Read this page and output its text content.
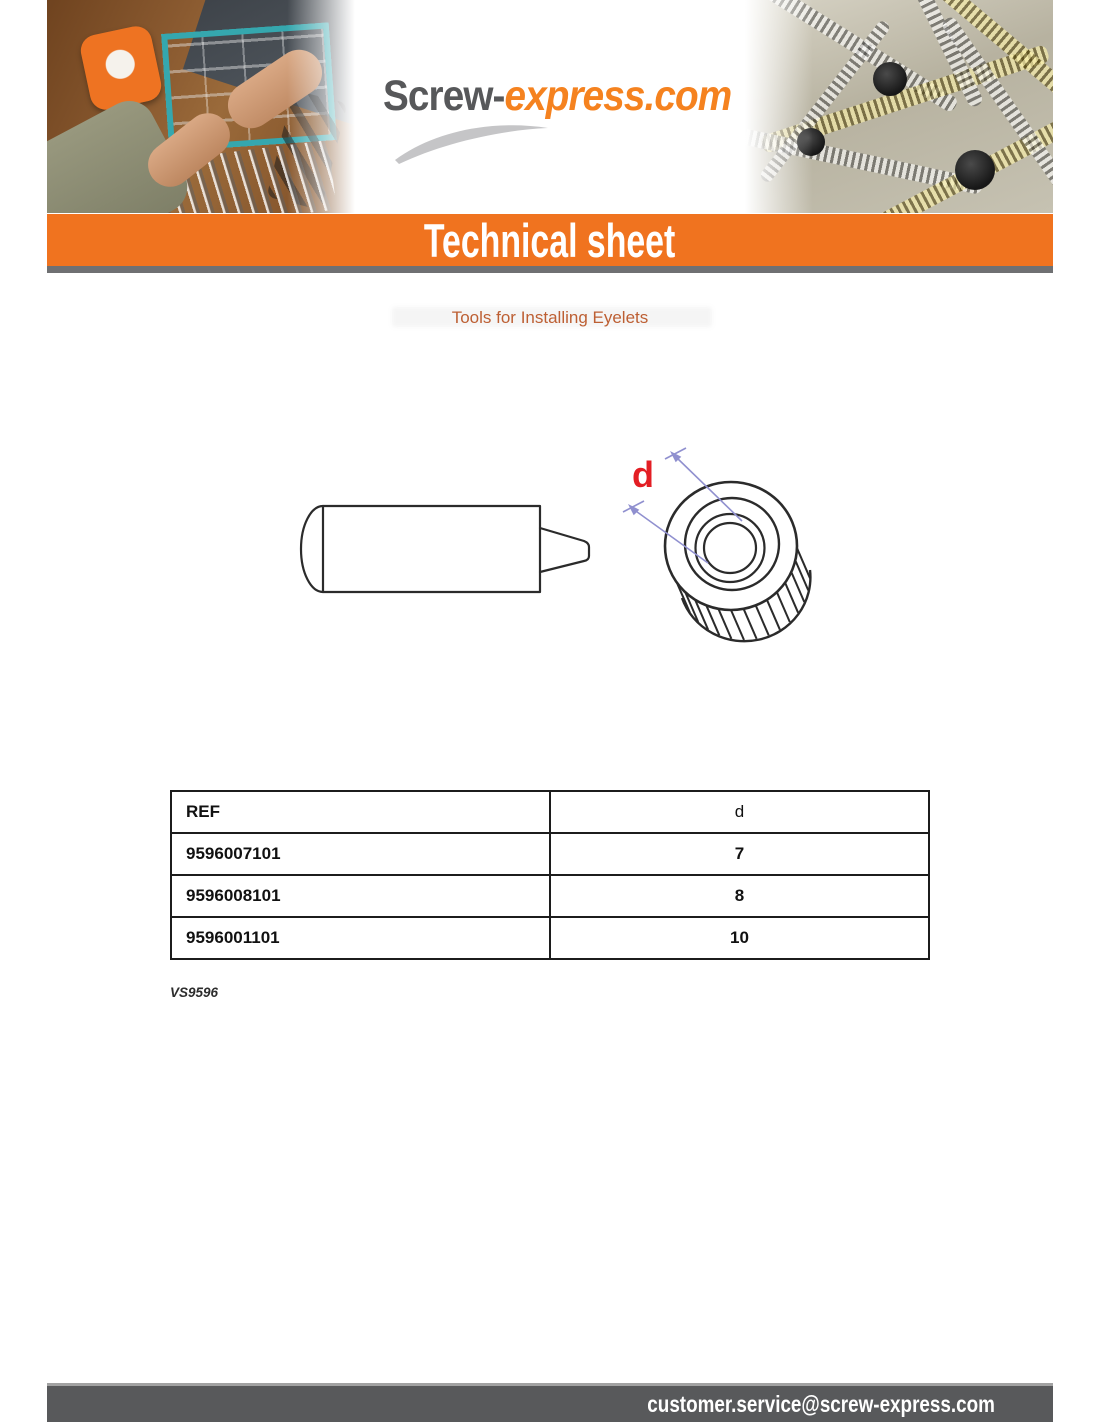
Screw-express.com
Technical sheet
Tools for Installing Eyelets
d
REF	d
9596007101	7
9596008101	8
9596001101	10
VS9596
customer.service@screw-express.com
